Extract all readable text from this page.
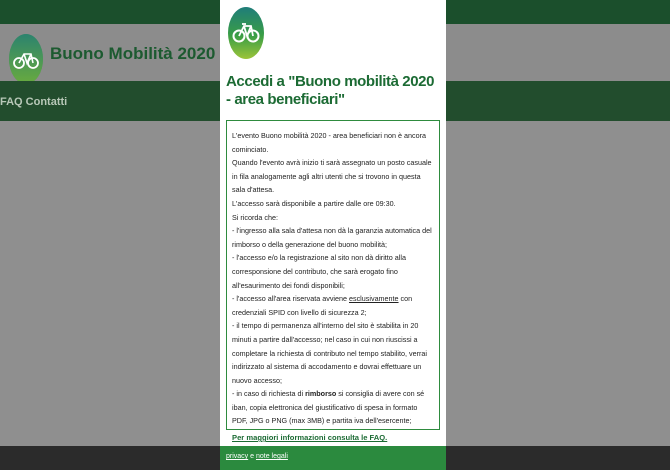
Buono Mobilità 2020
FAQ Contatti
Accedi a "Buono mobilità 2020 - area beneficiari"

L'evento Buono mobilità 2020 - area beneficiari non è ancora cominciato.

Quando l'evento avrà inizio ti sarà assegnato un posto casuale in fila analogamente agli altri utenti che si trovono in questa sala d'attesa.

L'accesso sarà disponibile a partire dalle ore 09:30.

Si ricorda che:

- l'ingresso alla sala d'attesa non dà la garanzia automatica del rimborso o della generazione del buono mobilità;

- l'accesso e/o la registrazione al sito non dà diritto alla corresponsione del contributo, che sarà erogato fino all'esaurimento dei fondi disponibili;

- l'accesso all'area riservata avviene esclusivamente con credenziali SPID con livello di sicurezza 2;

- il tempo di permanenza all'interno del sito è stabilita in 20 minuti a partire dall'accesso; nel caso in cui non riuscissi a completare la richiesta di contributo nel tempo stabilito, verrai indirizzato al sistema di accodamento e dovrai effettuare un nuovo accesso;

- in caso di richiesta di rimborso si consiglia di avere con sé iban, copia elettronica del giustificativo di spesa in formato PDF, JPG o PNG (max 3MB) e partita iva dell'esercente;

Per maggiori informazioni consulta le FAQ.

privacy e note legali
